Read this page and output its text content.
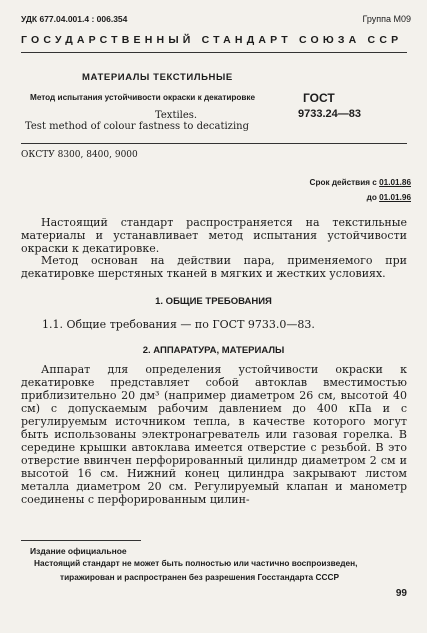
УДК 677.04.001.4 : 006.354	Группа М09
ГОСУДАРСТВЕННЫЙ СТАНДАРТ СОЮЗА ССР
МАТЕРИАЛЫ ТЕКСТИЛЬНЫЕ
Метод испытания устойчивости окраски к декатировке	ГОСТ
9733.24—83
Textiles.
Test method of colour fastness to decatizing
ОКСТУ 8300, 8400, 9000
Срок действия с 01.01.86
до 01.01.96
Настоящий стандарт распространяется на текстильные материалы и устанавливает метод испытания устойчивости окраски к декатировке.
Метод основан на действии пара, применяемого при декатировке шерстяных тканей в мягких и жестких условиях.
1. ОБЩИЕ ТРЕБОВАНИЯ
1.1. Общие требования — по ГОСТ 9733.0—83.
2. АППАРАТУРА, МАТЕРИАЛЫ
Аппарат для определения устойчивости окраски к декатировке представляет собой автоклав вместимостью приблизительно 20 дм³ (например диаметром 26 см, высотой 40 см) с допускаемым рабочим давлением до 400 кПа и с регулируемым источником тепла, в качестве которого могут быть использованы электронагреватель или газовая горелка. В середине крышки автоклава имеется отверстие с резьбой. В это отверстие ввинчен перфорированный цилиндр диаметром 2 см и высотой 16 см. Нижний конец цилиндра закрывают листом металла диаметром 20 см. Регулируемый клапан и манометр соединены с перфорированным цилин-
Издание официальное
Настоящий стандарт не может быть полностью или частично воспроизведен,
тиражирован и распространен без разрешения Госстандарта СССР
99
